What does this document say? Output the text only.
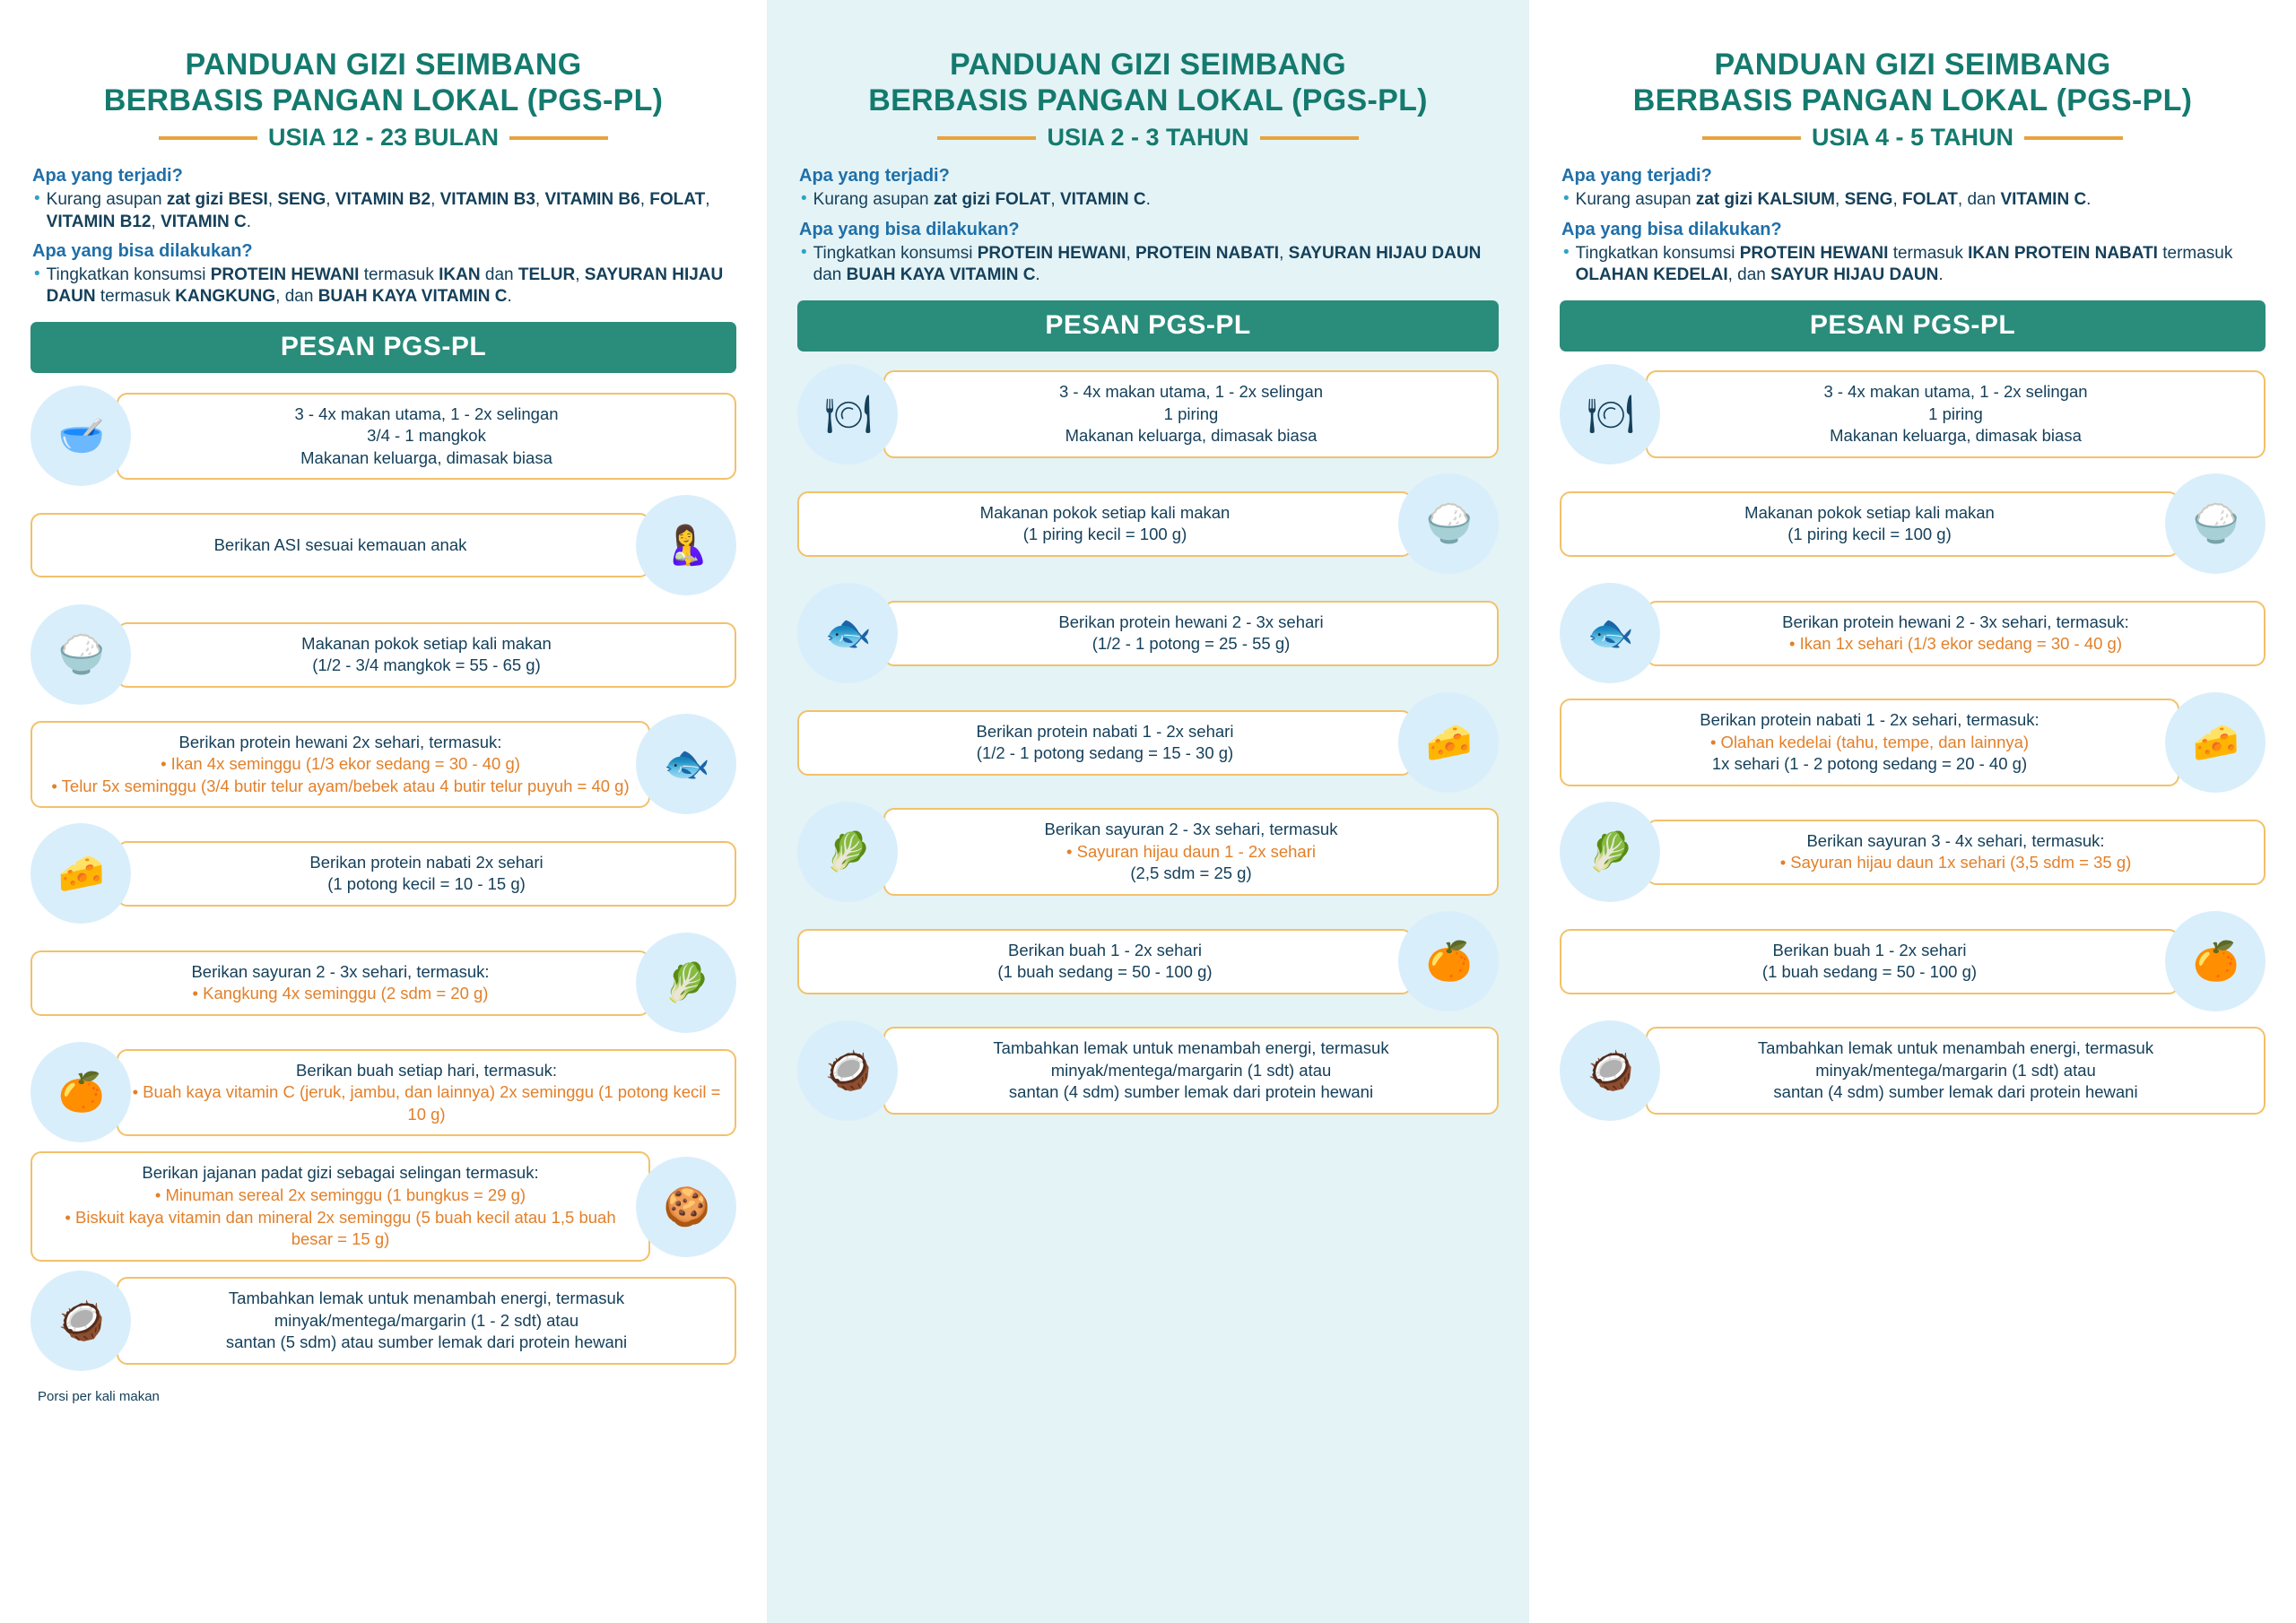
PANDUAN GIZI SEIMBANG
BERBASIS PANGAN LOKAL (PGS-PL)
USIA 12 - 23 BULAN
Apa yang terjadi?
• Kurang asupan zat gizi BESI, SENG, VITAMIN B2, VITAMIN B3, VITAMIN B6, FOLAT, VITAMIN B12, VITAMIN C.
Apa yang bisa dilakukan?
• Tingkatkan konsumsi PROTEIN HEWANI termasuk IKAN dan TELUR, SAYURAN HIJAU DAUN termasuk KANGKUNG, dan BUAH KAYA VITAMIN C.
PESAN PGS-PL
🥣
3 - 4x makan utama, 1 - 2x selingan
3/4 - 1 mangkok
Makanan keluarga, dimasak biasa
Berikan ASI sesuai kemauan anak	🤱
🍚	Makanan pokok setiap kali makan
(1/2 - 3/4 mangkok = 55 - 65 g)
Berikan protein hewani 2x sehari, termasuk:
• Ikan 4x seminggu (1/3 ekor sedang = 30 - 40 g)
• Telur 5x seminggu (3/4 butir telur ayam/bebek atau 4 butir telur puyuh = 40 g)
🐟
🧀	Berikan protein nabati 2x sehari
(1 potong kecil = 10 - 15 g)
Berikan sayuran 2 - 3x sehari, termasuk:
• Kangkung 4x seminggu (2 sdm = 20 g)	🥬
🍊
Berikan buah setiap hari, termasuk:
• Buah kaya vitamin C (jeruk, jambu, dan lainnya) 2x seminggu (1 potong kecil = 10 g)
Berikan jajanan padat gizi sebagai selingan termasuk:
• Minuman sereal 2x seminggu (1 bungkus = 29 g)
• Biskuit kaya vitamin dan mineral 2x seminggu (5 buah kecil atau 1,5 buah besar = 15 g)
🍪
🥥
Tambahkan lemak untuk menambah energi, termasuk
minyak/mentega/margarin (1 - 2 sdt) atau
santan (5 sdm) atau sumber lemak dari protein hewani
Porsi per kali makan
PANDUAN GIZI SEIMBANG
BERBASIS PANGAN LOKAL (PGS-PL)
USIA 2 - 3 TAHUN
Apa yang terjadi?
• Kurang asupan zat gizi FOLAT, VITAMIN C.
Apa yang bisa dilakukan?
• Tingkatkan konsumsi PROTEIN HEWANI, PROTEIN NABATI, SAYURAN HIJAU DAUN dan BUAH KAYA VITAMIN C.
PESAN PGS-PL
🍽
3 - 4x makan utama, 1 - 2x selingan
1 piring
Makanan keluarga, dimasak biasa
Makanan pokok setiap kali makan
(1 piring kecil = 100 g)	🍚
🐟	Berikan protein hewani 2 - 3x sehari
(1/2 - 1 potong = 25 - 55 g)
Berikan protein nabati 1 - 2x sehari
(1/2 - 1 potong sedang = 15 - 30 g)	🧀
🥬
Berikan sayuran 2 - 3x sehari, termasuk
• Sayuran hijau daun 1 - 2x sehari
(2,5 sdm = 25 g)
Berikan buah 1 - 2x sehari
(1 buah sedang = 50 - 100 g)	🍊
🥥
Tambahkan lemak untuk menambah energi, termasuk
minyak/mentega/margarin (1 sdt) atau
santan (4 sdm) sumber lemak dari protein hewani
PANDUAN GIZI SEIMBANG
BERBASIS PANGAN LOKAL (PGS-PL)
USIA 4 - 5 TAHUN
Apa yang terjadi?
• Kurang asupan zat gizi KALSIUM, SENG, FOLAT, dan VITAMIN C.
Apa yang bisa dilakukan?
• Tingkatkan konsumsi PROTEIN HEWANI termasuk IKAN PROTEIN NABATI termasuk OLAHAN KEDELAI, dan SAYUR HIJAU DAUN.
PESAN PGS-PL
🍽
3 - 4x makan utama, 1 - 2x selingan
1 piring
Makanan keluarga, dimasak biasa
Makanan pokok setiap kali makan
(1 piring kecil = 100 g)	🍚
🐟	Berikan protein hewani 2 - 3x sehari, termasuk:
• Ikan 1x sehari (1/3 ekor sedang = 30 - 40 g)
Berikan protein nabati 1 - 2x sehari, termasuk:
• Olahan kedelai (tahu, tempe, dan lainnya)
1x sehari (1 - 2 potong sedang = 20 - 40 g)
🧀
🥬	Berikan sayuran 3 - 4x sehari, termasuk:
• Sayuran hijau daun 1x sehari (3,5 sdm = 35 g)
Berikan buah 1 - 2x sehari
(1 buah sedang = 50 - 100 g)	🍊
🥥
Tambahkan lemak untuk menambah energi, termasuk
minyak/mentega/margarin (1 sdt) atau
santan (4 sdm) sumber lemak dari protein hewani
